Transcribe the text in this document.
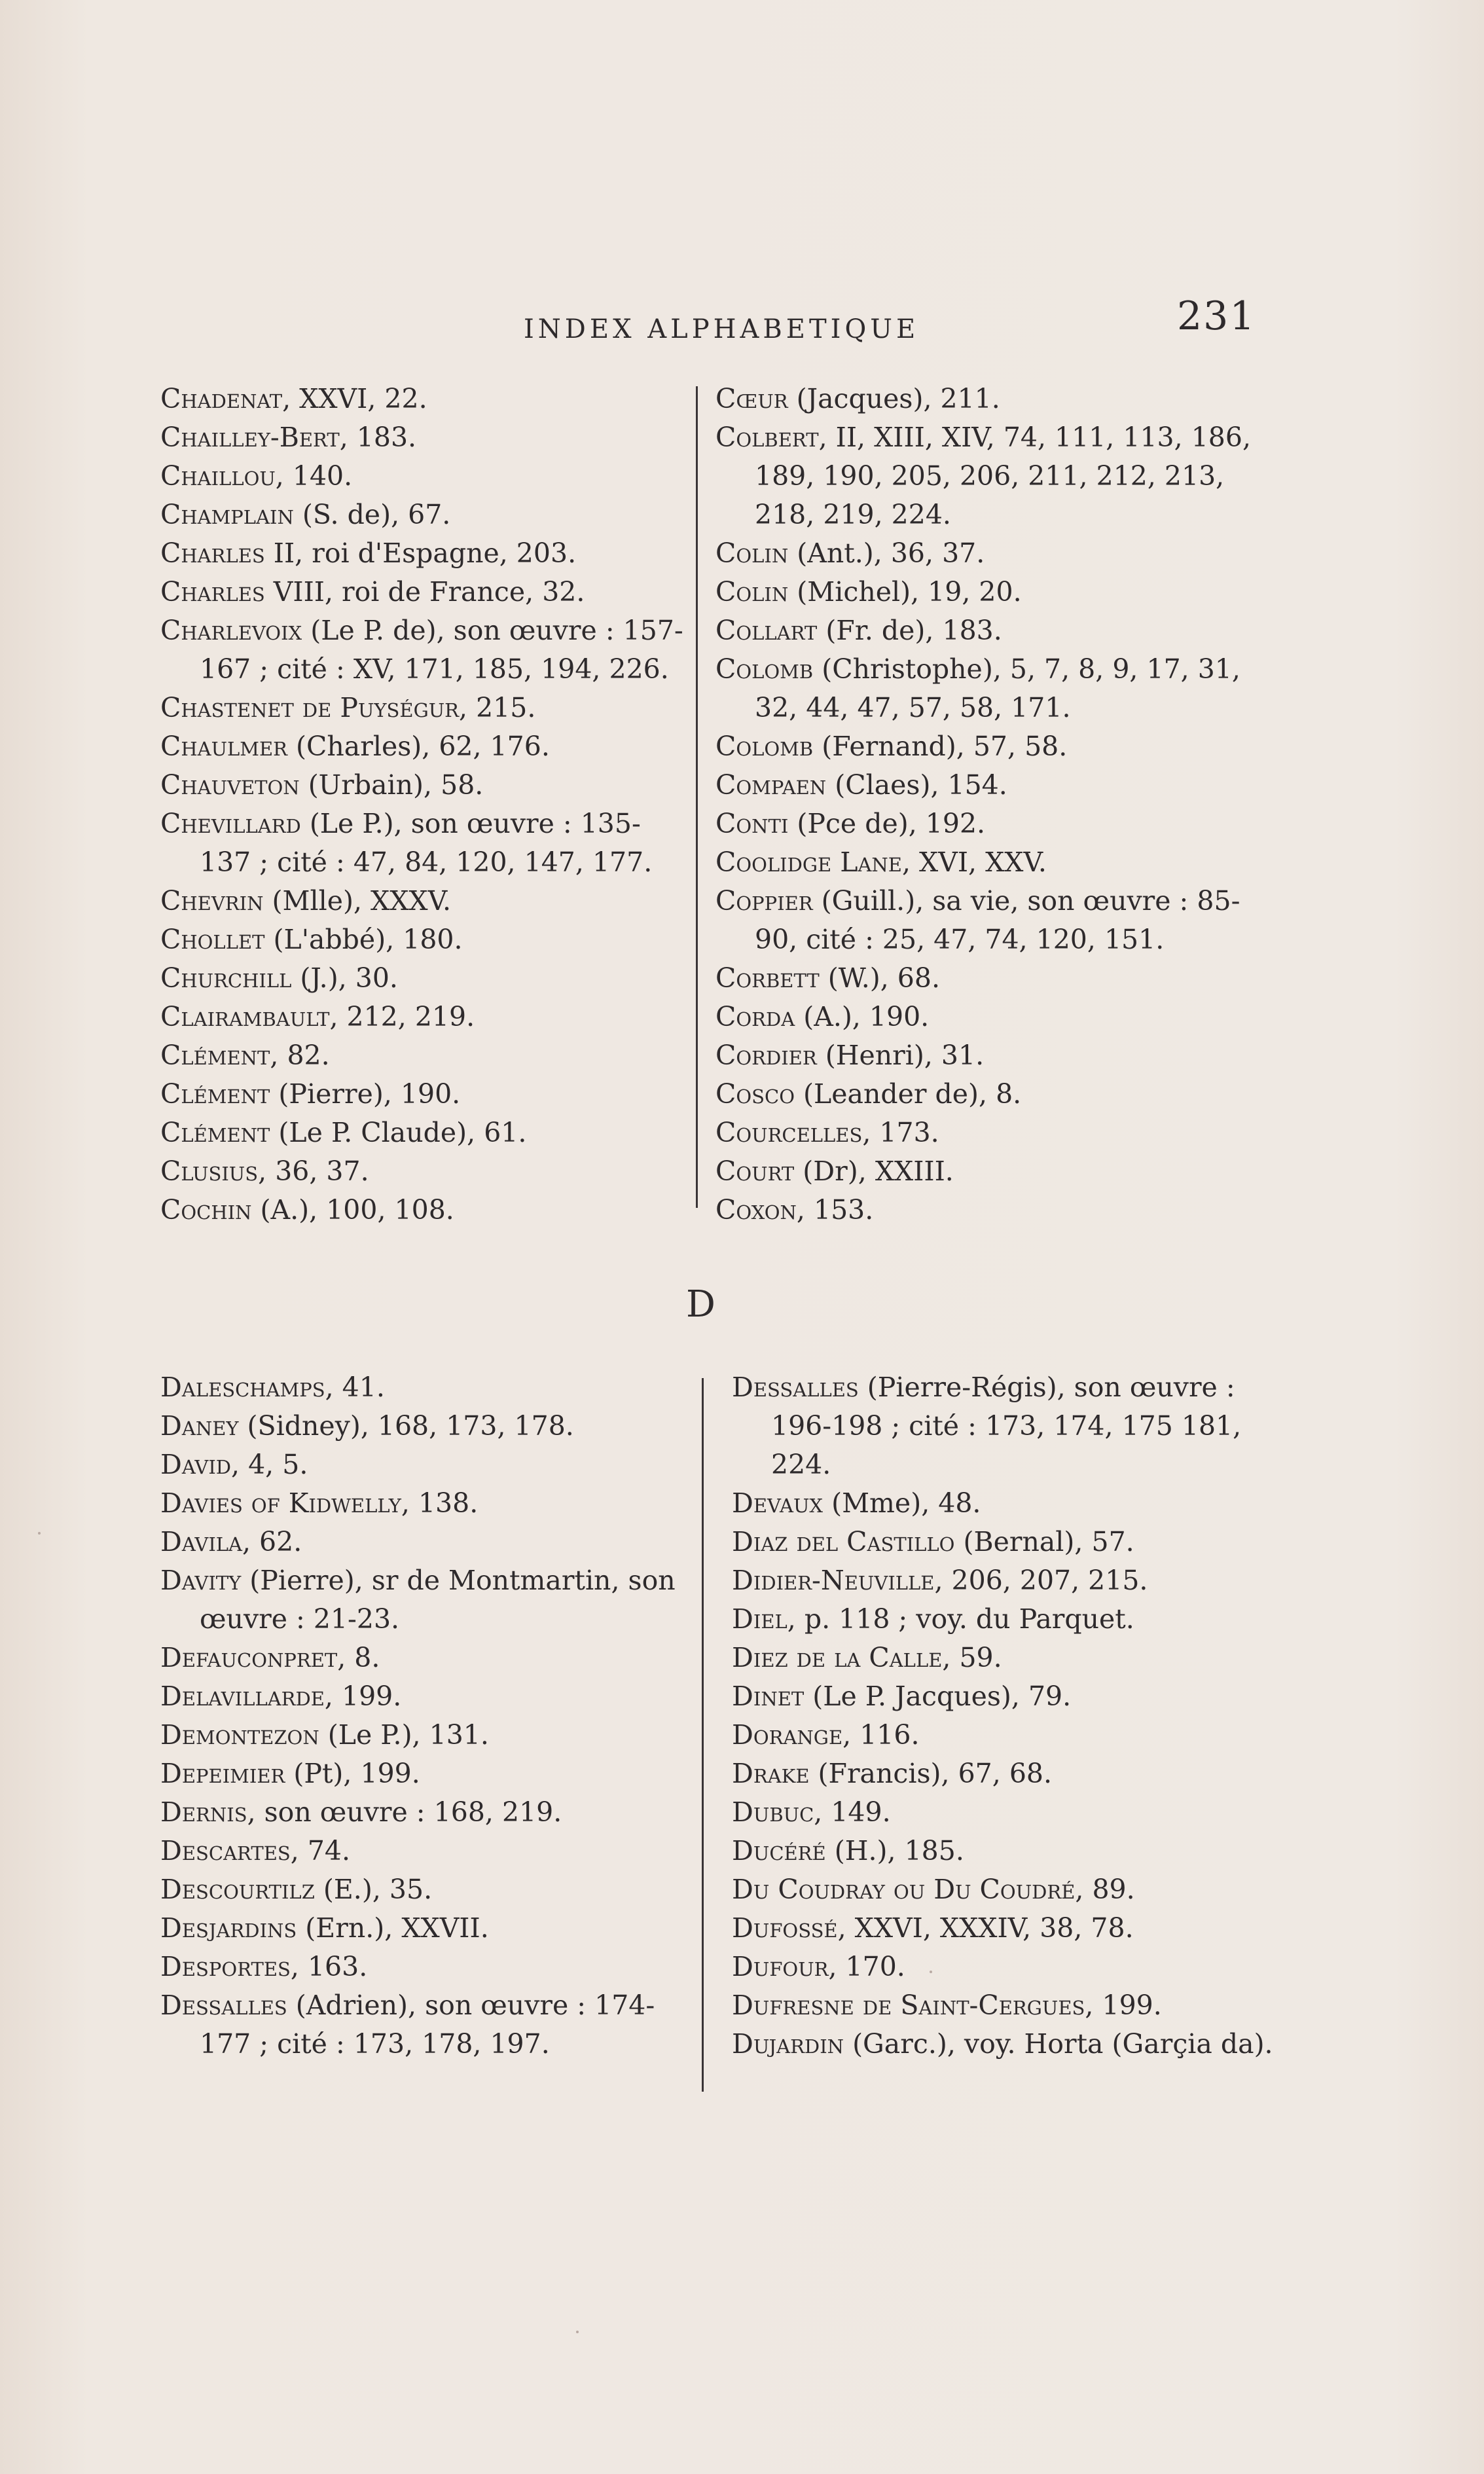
INDEX ALPHABETIQUE	231
Chadenat, XXVI, 22.
Chailley-Bert, 183.
Chaillou, 140.
Champlain (S. de), 67.
Charles II, roi d'Espagne, 203.
Charles VIII, roi de France, 32.
Charlevoix (Le P. de), son œuvre : 157-167 ; cité : XV, 171, 185, 194, 226.
Chastenet de Puységur, 215.
Chaulmer (Charles), 62, 176.
Chauveton (Urbain), 58.
Chevillard (Le P.), son œuvre : 135-137 ; cité : 47, 84, 120, 147, 177.
Chevrin (Mlle), XXXV.
Chollet (L'abbé), 180.
Churchill (J.), 30.
Clairambault, 212, 219.
Clément, 82.
Clément (Pierre), 190.
Clément (Le P. Claude), 61.
Clusius, 36, 37.
Cochin (A.), 100, 108.
Cœur (Jacques), 211.
Colbert, II, XIII, XIV, 74, 111, 113, 186, 189, 190, 205, 206, 211, 212, 213, 218, 219, 224.
Colin (Ant.), 36, 37.
Colin (Michel), 19, 20.
Collart (Fr. de), 183.
Colomb (Christophe), 5, 7, 8, 9, 17, 31, 32, 44, 47, 57, 58, 171.
Colomb (Fernand), 57, 58.
Compaen (Claes), 154.
Conti (Pce de), 192.
Coolidge Lane, XVI, XXV.
Coppier (Guill.), sa vie, son œuvre : 85-90, cité : 25, 47, 74, 120, 151.
Corbett (W.), 68.
Corda (A.), 190.
Cordier (Henri), 31.
Cosco (Leander de), 8.
Courcelles, 173.
Court (Dr), XXIII.
Coxon, 153.
D
Daleschamps, 41.
Daney (Sidney), 168, 173, 178.
David, 4, 5.
Davies of Kidwelly, 138.
Davila, 62.
Davity (Pierre), sr de Montmartin, son œuvre : 21-23.
Defauconpret, 8.
Delavillarde, 199.
Demontezon (Le P.), 131.
Depeimier (Pt), 199.
Dernis, son œuvre : 168, 219.
Descartes, 74.
Descourtilz (E.), 35.
Desjardins (Ern.), XXVII.
Desportes, 163.
Dessalles (Adrien), son œuvre : 174-177 ; cité : 173, 178, 197.
Dessalles (Pierre-Régis), son œuvre : 196-198 ; cité : 173, 174, 175 181, 224.
Devaux (Mme), 48.
Diaz del Castillo (Bernal), 57.
Didier-Neuville, 206, 207, 215.
Diel, p. 118 ; voy. du Parquet.
Diez de la Calle, 59.
Dinet (Le P. Jacques), 79.
Dorange, 116.
Drake (Francis), 67, 68.
Dubuc, 149.
Ducéré (H.), 185.
Du Coudray ou Du Coudré, 89.
Dufossé, XXVI, XXXIV, 38, 78.
Dufour, 170.
Dufresne de Saint-Cergues, 199.
Dujardin (Garc.), voy. Horta (Garçia da).
